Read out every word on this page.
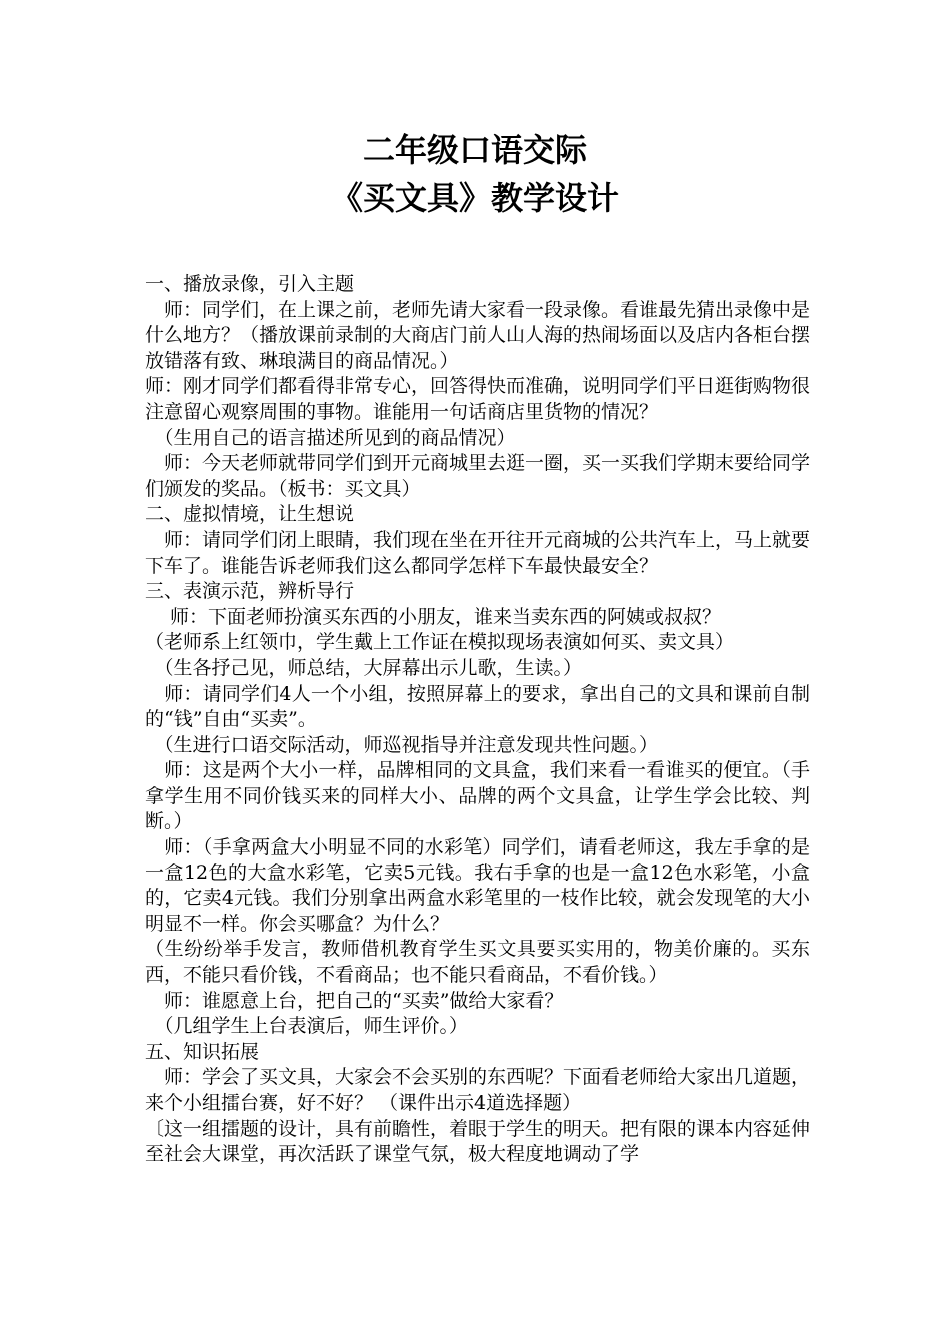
二年级口语交际
《买文具》教学设计

一、播放录像，引入主题

　师：同学们，在上课之前，老师先请大家看一段录像。看谁最先猜出录像中是什么地方？（播放课前录制的大商店门前人山人海的热闹场面以及店内各柜台摆放错落有致、琳琅满目的商品情况。）

师：刚才同学们都看得非常专心，回答得快而准确，说明同学们平日逛街购物很注意留心观察周围的事物。谁能用一句话商店里货物的情况？

　（生用自己的语言描述所见到的商品情况）

　师：今天老师就带同学们到开元商城里去逛一圈，买一买我们学期末要给同学们颁发的奖品。（板书：买文具）

二、虚拟情境，让生想说

　师：请同学们闭上眼睛，我们现在坐在开往开元商城的公共汽车上，马上就要下车了。谁能告诉老师我们这么都同学怎样下车最快最安全？

三、表演示范，辨析导行

　 师：下面老师扮演买东西的小朋友，谁来当卖东西的阿姨或叔叔？

（老师系上红领巾，学生戴上工作证在模拟现场表演如何买、卖文具）

　（生各抒己见，师总结，大屏幕出示儿歌，生读。）

　师：请同学们4人一个小组，按照屏幕上的要求，拿出自己的文具和课前自制的“钱”自由“买卖”。

　（生进行口语交际活动，师巡视指导并注意发现共性问题。）

　师：这是两个大小一样，品牌相同的文具盒，我们来看一看谁买的便宜。（手拿学生用不同价钱买来的同样大小、品牌的两个文具盒，让学生学会比较、判断。）

　师：（手拿两盒大小明显不同的水彩笔）同学们，请看老师这，我左手拿的是一盒12色的大盒水彩笔，它卖5元钱。我右手拿的也是一盒12色水彩笔，小盒的，它卖4元钱。我们分别拿出两盒水彩笔里的一枝作比较，就会发现笔的大小明显不一样。你会买哪盒？为什么？

（生纷纷举手发言，教师借机教育学生买文具要买实用的，物美价廉的。买东西，不能只看价钱，不看商品；也不能只看商品，不看价钱。）

　师：谁愿意上台，把自己的“买卖”做给大家看？

　（几组学生上台表演后，师生评价。）

五、知识拓展

　师：学会了买文具，大家会不会买别的东西呢？下面看老师给大家出几道题，来个小组擂台赛，好不好？ （课件出示4道选择题）

〔这一组擂题的设计，具有前瞻性，着眼于学生的明天。把有限的课本内容延伸至社会大课堂，再次活跃了课堂气氛，极大程度地调动了学
